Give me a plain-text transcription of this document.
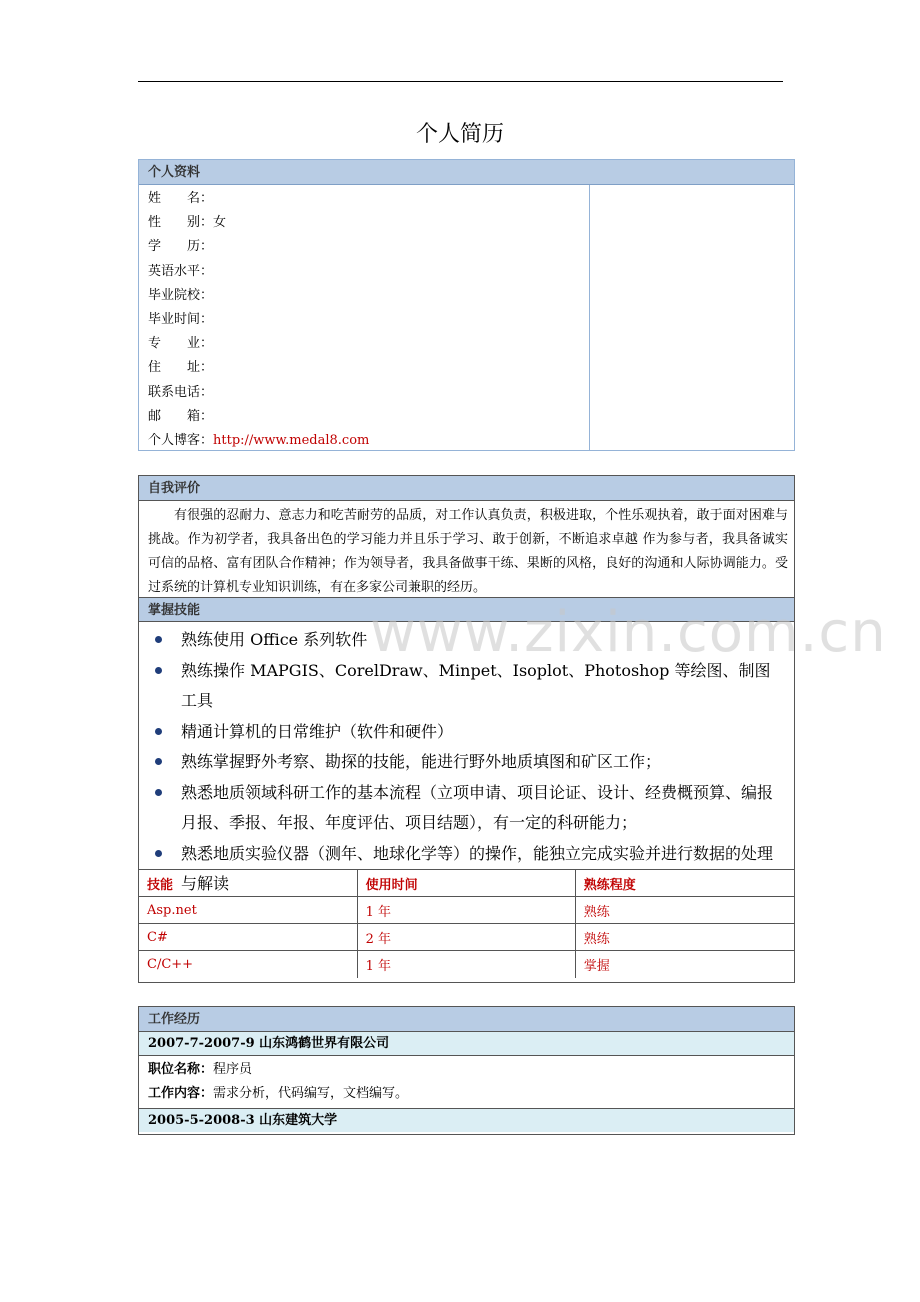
个人简历
个人资料
姓　　名：
性　　别：女
学　　历：
英语水平：
毕业院校：
毕业时间：
专　　业：
住　　址：
联系电话：
邮　　箱：
个人博客：http://www.medal8.com
自我评价
有很强的忍耐力、意志力和吃苦耐劳的品质，对工作认真负责，积极进取，个性乐观执着，敢于面对困难与挑战。作为初学者，我具备出色的学习能力并且乐于学习、敢于创新，不断追求卓越 作为参与者，我具备诚实可信的品格、富有团队合作精神；作为领导者，我具备做事干练、果断的风格，良好的沟通和人际协调能力。受过系统的计算机专业知识训练，有在多家公司兼职的经历。
掌握技能
熟练使用 Office 系列软件
熟练操作 MAPGIS、CorelDraw、Minpet、Isoplot、Photoshop 等绘图、制图工具
精通计算机的日常维护（软件和硬件）
熟练掌握野外考察、勘探的技能，能进行野外地质填图和矿区工作；
熟悉地质领域科研工作的基本流程（立项申请、项目论证、设计、经费概预算、编报月报、季报、年报、年度评估、项目结题），有一定的科研能力；
熟悉地质实验仪器（测年、地球化学等）的操作，能独立完成实验并进行数据的处理与解读
技能	使用时间	熟练程度
Asp.net	1 年	熟练
C#	2 年	熟练
C/C++	1 年	掌握
工作经历
2007-7-2007-9 山东鸿鹤世界有限公司
职位名称：程序员
工作内容：需求分析，代码编写，文档编写。
2005-5-2008-3 山东建筑大学
www.zixin.com.cn
